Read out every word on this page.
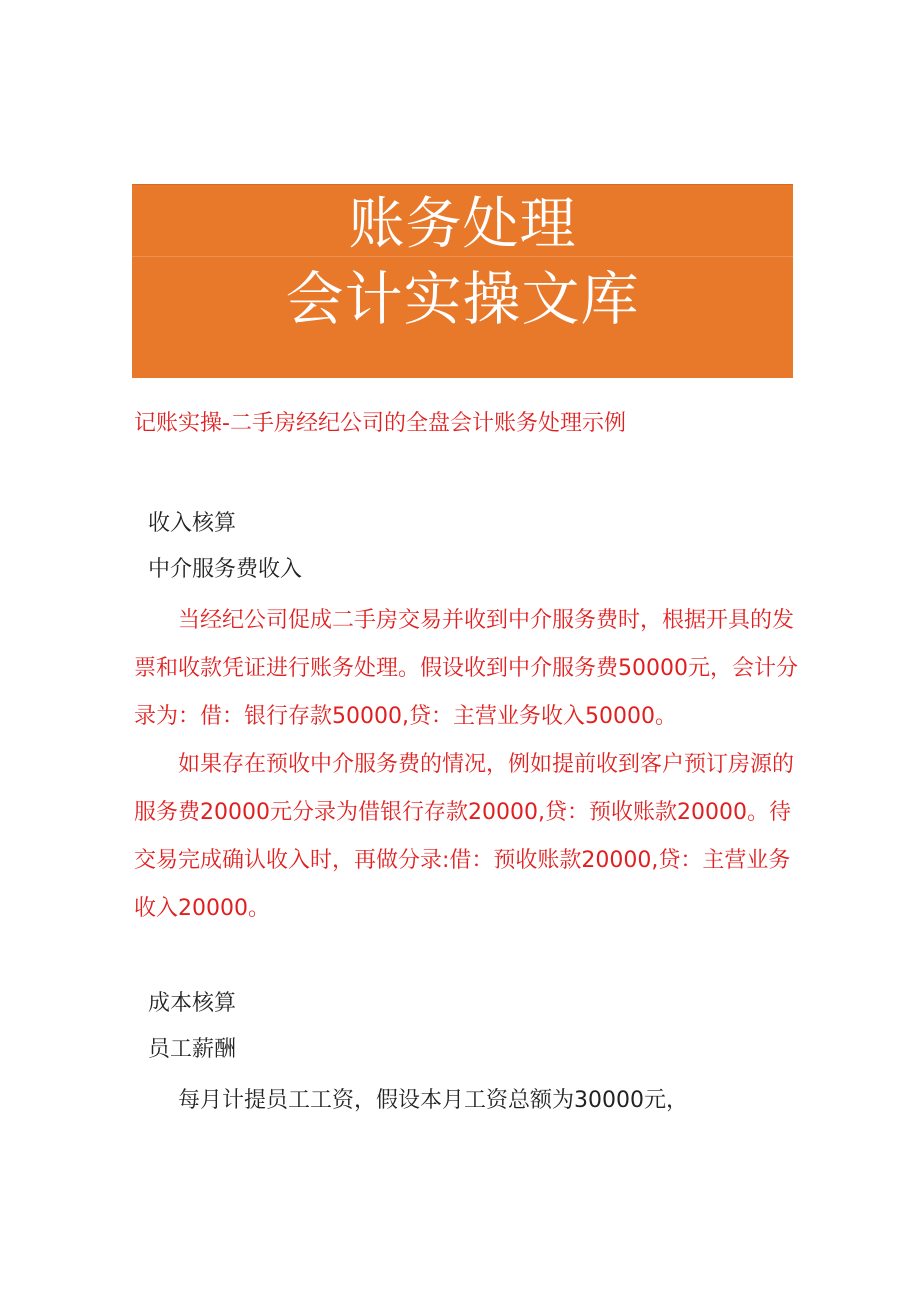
账务处理
会计实操文库
记账实操-二手房经纪公司的全盘会计账务处理示例
收入核算
中介服务费收入

当经纪公司促成二手房交易并收到中介服务费时，根据开具的发票和收款凭证进行账务处理。假设收到中介服务费50000元，会计分录为：借：银行存款50000,贷：主营业务收入50000。

如果存在预收中介服务费的情况，例如提前收到客户预订房源的服务费20000元分录为借银行存款20000,贷：预收账款20000。待交易完成确认收入时，再做分录:借：预收账款20000,贷：主营业务收入20000。

成本核算
员工薪酬

每月计提员工工资，假设本月工资总额为30000元，
